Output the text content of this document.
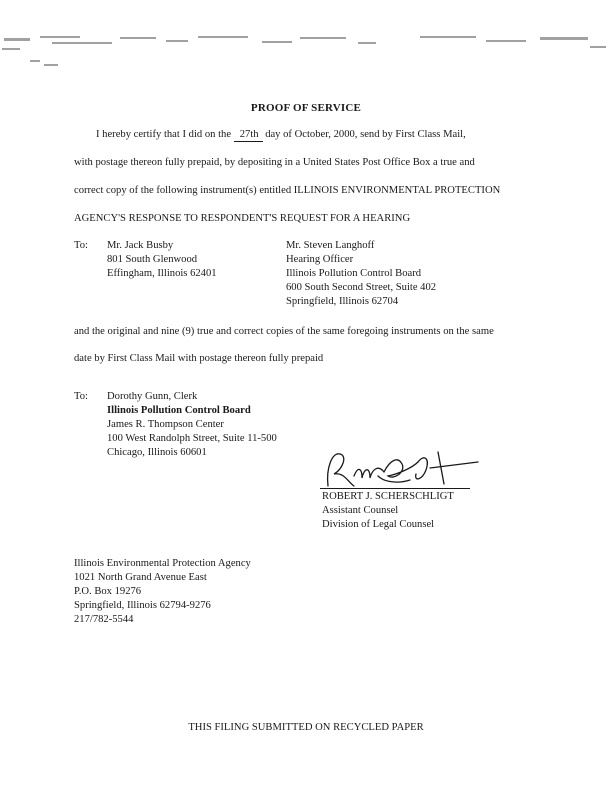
PROOF OF SERVICE
I hereby certify that I did on the 27th day of October, 2000, send by First Class Mail,
with postage thereon fully prepaid, by depositing in a United States Post Office Box a true and
correct copy of the following instrument(s) entitled ILLINOIS ENVIRONMENTAL PROTECTION
AGENCY'S RESPONSE TO RESPONDENT'S REQUEST FOR A HEARING
To: Mr. Jack Busby
801 South Glenwood
Effingham, Illinois 62401
Mr. Steven Langhoff
Hearing Officer
Illinois Pollution Control Board
600 South Second Street, Suite 402
Springfield, Illinois 62704
and the original and nine (9) true and correct copies of the same foregoing instruments on the same
date by First Class Mail with postage thereon fully prepaid
To: Dorothy Gunn, Clerk
Illinois Pollution Control Board
James R. Thompson Center
100 West Randolph Street, Suite 11-500
Chicago, Illinois 60601
ROBERT J. SCHERSCHLIGT
Assistant Counsel
Division of Legal Counsel
Illinois Environmental Protection Agency
1021 North Grand Avenue East
P.O. Box 19276
Springfield, Illinois 62794-9276
217/782-5544
THIS FILING SUBMITTED ON RECYCLED PAPER
